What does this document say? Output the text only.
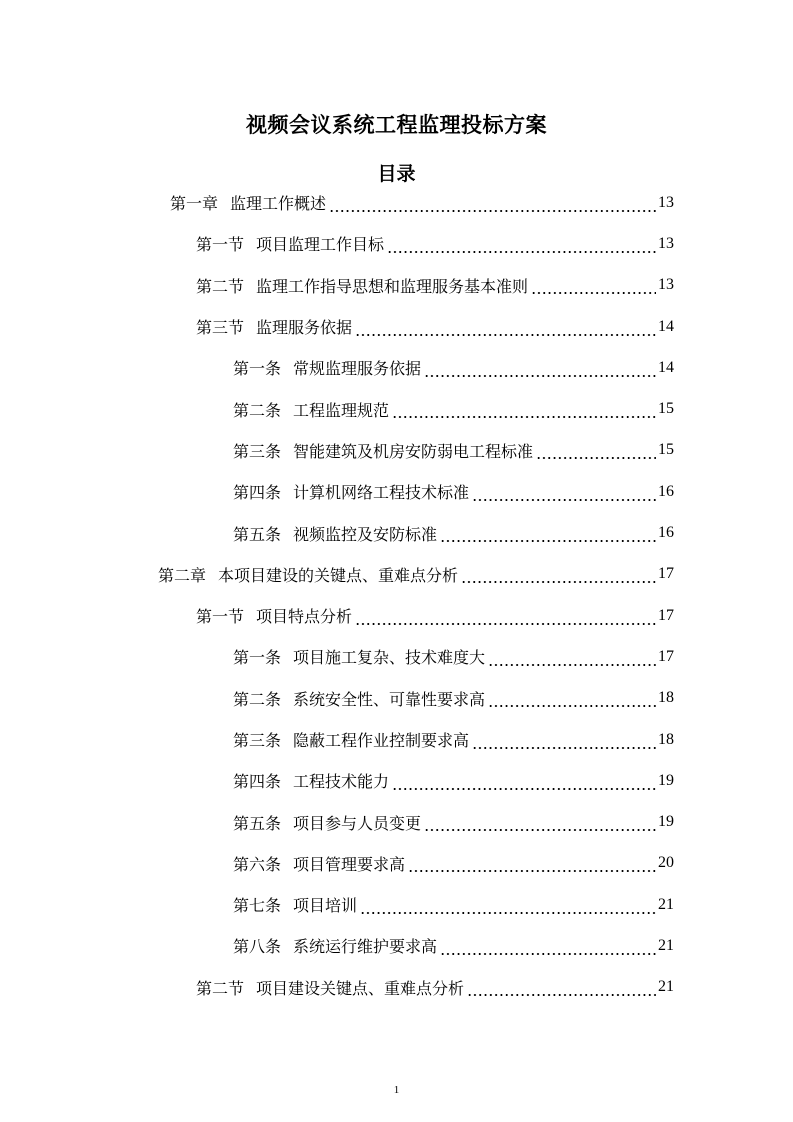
视频会议系统工程监理投标方案
目录
第一章 监理工作概述	13
第一节 项目监理工作目标	13
第二节 监理工作指导思想和监理服务基本准则	13
第三节 监理服务依据	14
第一条 常规监理服务依据	14
第二条 工程监理规范	15
第三条 智能建筑及机房安防弱电工程标准	15
第四条 计算机网络工程技术标准	16
第五条 视频监控及安防标准	16
第二章 本项目建设的关键点、重难点分析	17
第一节 项目特点分析	17
第一条 项目施工复杂、技术难度大	17
第二条 系统安全性、可靠性要求高	18
第三条 隐蔽工程作业控制要求高	18
第四条 工程技术能力	19
第五条 项目参与人员变更	19
第六条 项目管理要求高	20
第七条 项目培训	21
第八条 系统运行维护要求高	21
第二节 项目建设关键点、重难点分析	21
1
